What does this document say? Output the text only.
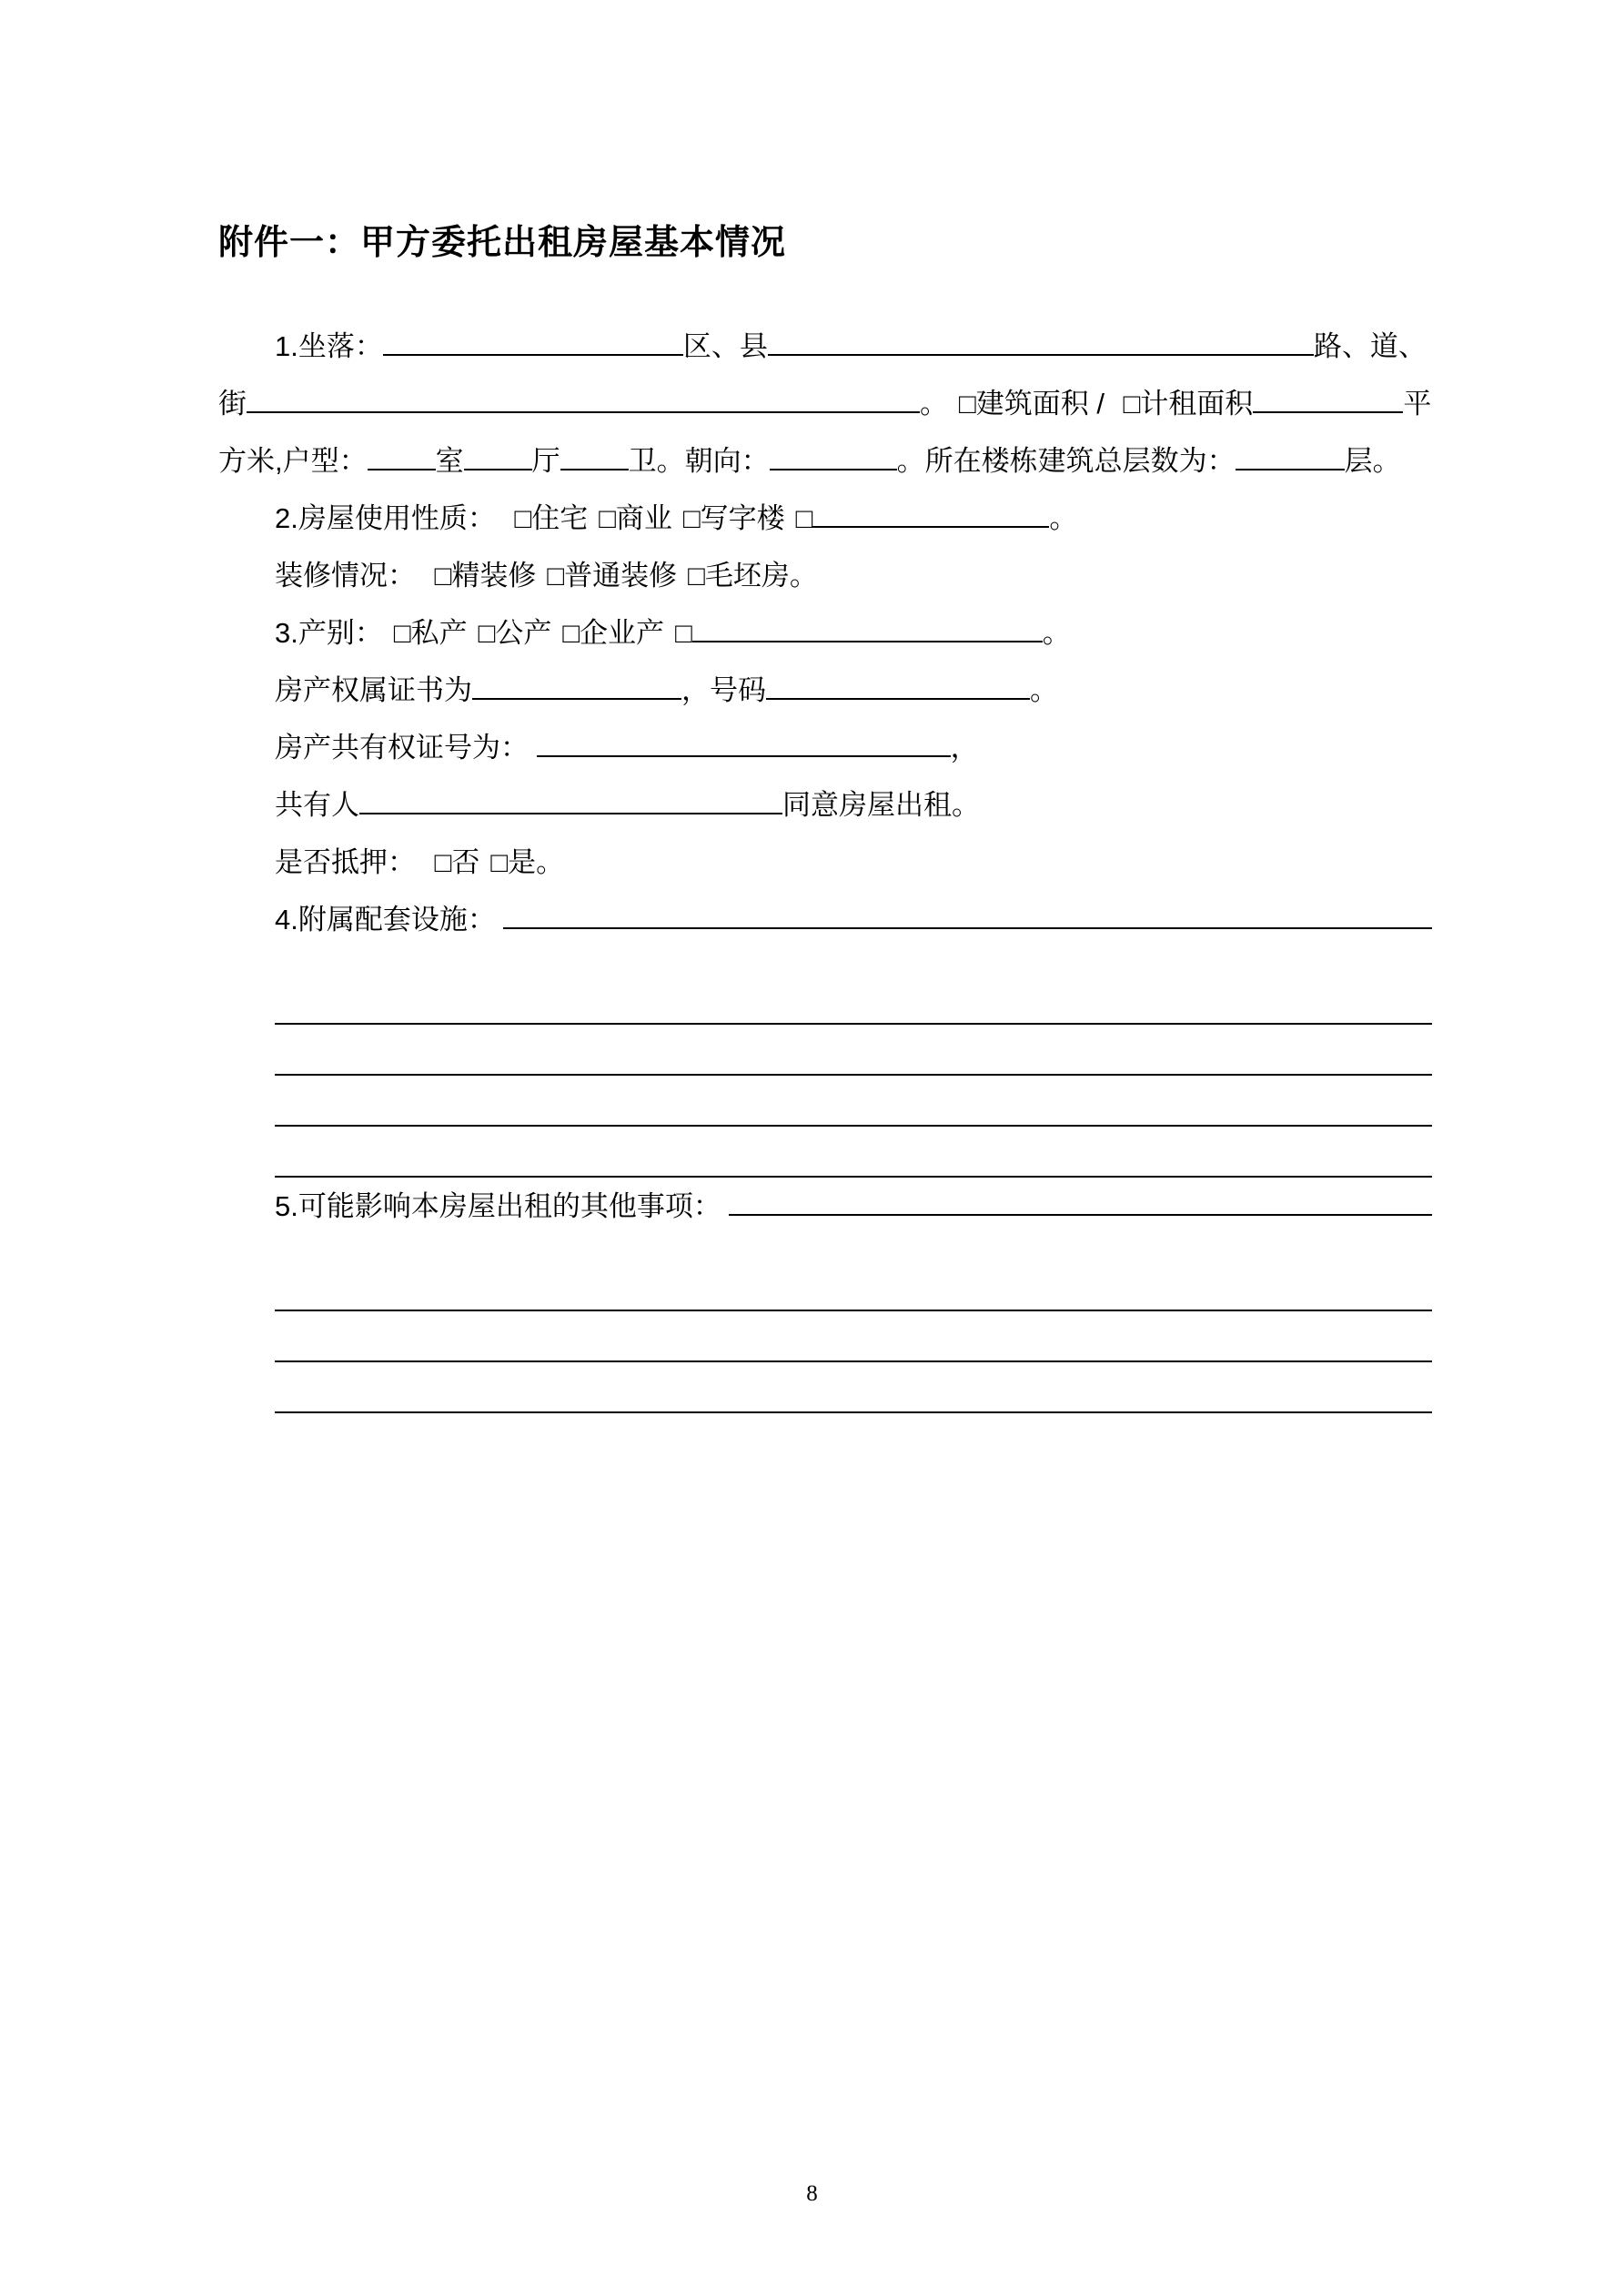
附件一：甲方委托出租房屋基本情况
1.坐落：	区、县	路、道、
街	。 □建筑面积 / □计租面积	平
方米,户型： 室 厅 卫。朝向：	。所在楼栋建筑总层数为：	层。
2.房屋使用性质： □住宅 □商业 □写字楼 □	。
装修情况： □精装修 □普通装修 □毛坯房 。
3.产别： □私产 □公产 □企业产 □	。
房产权属证书为	，号码	。
房产共有权证号为：	，
共有人	同意房屋出租。
是否抵押： □否 □是 。
4.附属配套设施：
5.可能影响本房屋出租的其他事项：
8
